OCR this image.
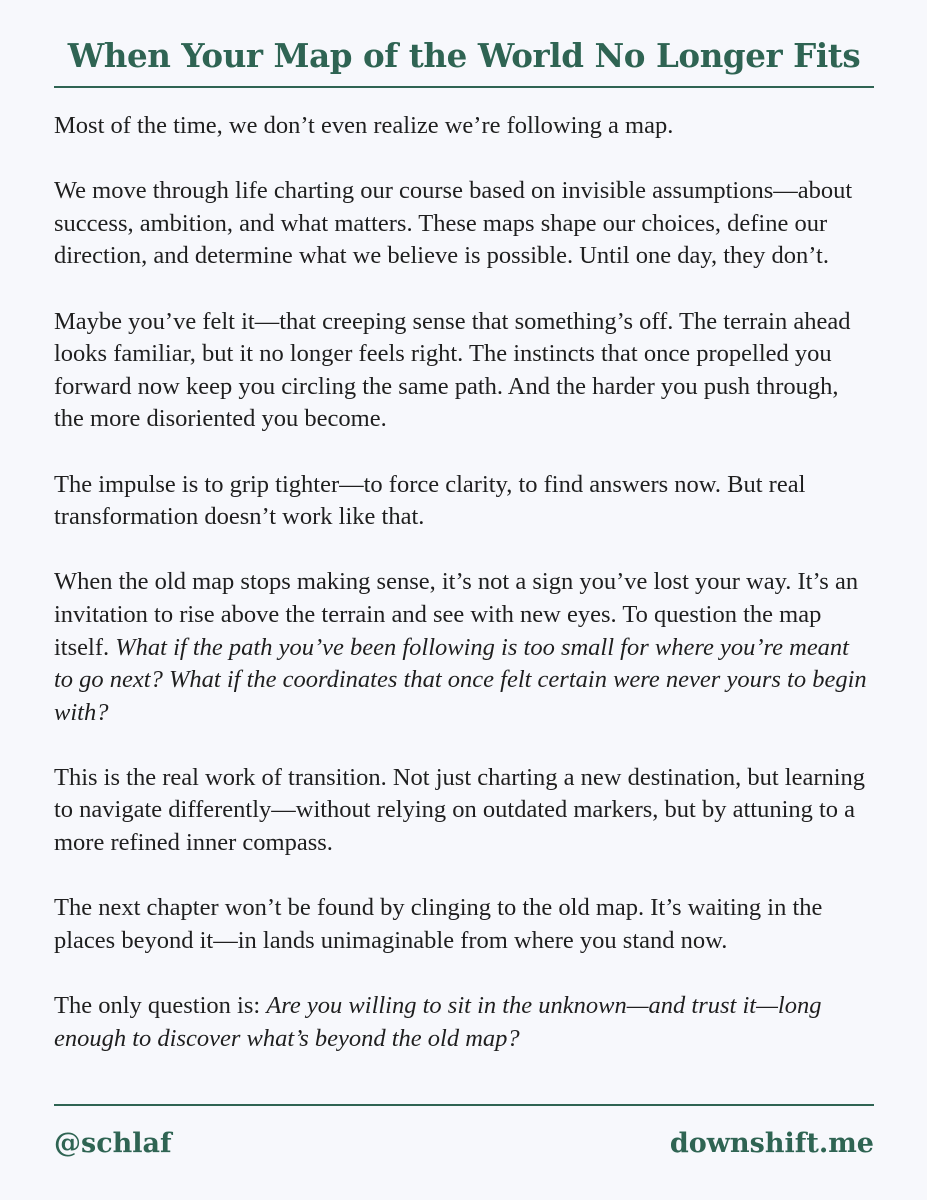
When Your Map of the World No Longer Fits

Most of the time, we don’t even realize we’re following a map.

We move through life charting our course based on invisible assumptions—about success, ambition, and what matters. These maps shape our choices, define our direction, and determine what we believe is possible. Until one day, they don’t.

Maybe you’ve felt it—that creeping sense that something’s off. The terrain ahead looks familiar, but it no longer feels right. The instincts that once propelled you forward now keep you circling the same path. And the harder you push through, the more disoriented you become.

The impulse is to grip tighter—to force clarity, to find answers now. But real transformation doesn’t work like that.

When the old map stops making sense, it’s not a sign you’ve lost your way. It’s an invitation to rise above the terrain and see with new eyes. To question the map itself. What if the path you’ve been following is too small for where you’re meant to go next? What if the coordinates that once felt certain were never yours to begin with?

This is the real work of transition. Not just charting a new destination, but learning to navigate differently—without relying on outdated markers, but by attuning to a more refined inner compass.

The next chapter won’t be found by clinging to the old map. It’s waiting in the places beyond it—in lands unimaginable from where you stand now.

The only question is: Are you willing to sit in the unknown—and trust it—long enough to discover what’s beyond the old map?

@schlaf	downshift.me
